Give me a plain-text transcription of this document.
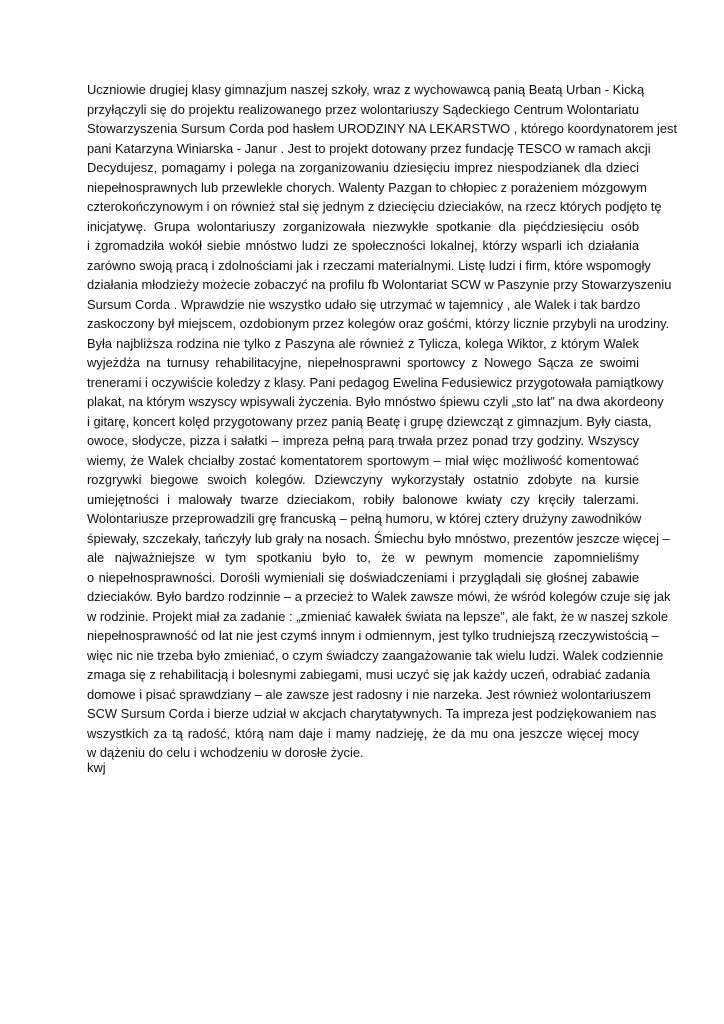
Uczniowie drugiej klasy gimnazjum naszej szkoły, wraz z wychowawcą panią Beatą Urban - Kicką
przyłączyli się do projektu realizowanego przez wolontariuszy Sądeckiego Centrum Wolontariatu
Stowarzyszenia Sursum Corda pod hasłem URODZINY NA LEKARSTWO , którego koordynatorem jest
pani Katarzyna Winiarska - Janur . Jest to projekt dotowany przez fundację TESCO w ramach akcji
Decydujesz, pomagamy i polega na zorganizowaniu dziesięciu imprez niespodzianek dla dzieci
niepełnosprawnych lub przewlekle chorych. Walenty Pazgan to chłopiec z porażeniem mózgowym
czterokończynowym i on również stał się jednym z dziecięciu dzieciaków, na rzecz których podjęto tę
inicjatywę. Grupa wolontariuszy zorganizowała niezwykłe spotkanie dla pięćdziesięciu osób
i zgromadziła wokół siebie mnóstwo ludzi ze społeczności lokalnej, którzy wsparli ich działania
zarówno swoją pracą i zdolnościami jak i rzeczami materialnymi. Listę ludzi i firm, które wspomogły
działania młodzieży możecie zobaczyć na profilu fb Wolontariat SCW w Paszynie przy Stowarzyszeniu
Sursum Corda . Wprawdzie nie wszystko udało się utrzymać w tajemnicy , ale Walek i tak bardzo
zaskoczony był miejscem, ozdobionym przez kolegów oraz gośćmi, którzy licznie przybyli na urodziny.
Była najbliższa rodzina nie tylko z Paszyna ale również z Tylicza, kolega Wiktor, z którym Walek
wyjeżdża na turnusy rehabilitacyjne, niepełnosprawni sportowcy z Nowego Sącza ze swoimi
trenerami i oczywiście koledzy z klasy. Pani pedagog Ewelina Fedusiewicz przygotowała pamiątkowy
plakat, na którym wszyscy wpisywali życzenia. Było mnóstwo śpiewu czyli „sto lat” na dwa akordeony
i gitarę, koncert kolęd przygotowany przez panią Beatę i grupę dziewcząt z gimnazjum. Były ciasta,
owoce, słodycze, pizza i sałatki – impreza pełną parą trwała przez ponad trzy godziny. Wszyscy
wiemy, że Walek chciałby zostać komentatorem sportowym – miał więc możliwość komentować
rozgrywki biegowe swoich kolegów. Dziewczyny wykorzystały ostatnio zdobyte na kursie
umiejętności i malowały twarze dzieciakom, robiły balonowe kwiaty czy kręciły talerzami.
Wolontariusze przeprowadzili grę francuską – pełną humoru, w której cztery drużyny zawodników
śpiewały, szczekały, tańczyły lub grały na nosach. Śmiechu było mnóstwo, prezentów jeszcze więcej –
ale najważniejsze w tym spotkaniu było to, że w pewnym momencie zapomnieliśmy
o niepełnosprawności. Dorośli wymieniali się doświadczeniami i przyglądali się głośnej zabawie
dzieciaków. Było bardzo rodzinnie – a przecież to Walek zawsze mówi, że wśród kolegów czuje się jak
w rodzinie. Projekt miał za zadanie : „zmieniać kawałek świata na lepsze”, ale fakt, że w naszej szkole
niepełnosprawność od lat nie jest czymś innym i odmiennym, jest tylko trudniejszą rzeczywistością –
więc nic nie trzeba było zmieniać, o czym świadczy zaangażowanie tak wielu ludzi. Walek codziennie
zmaga się z rehabilitacją i bolesnymi zabiegami, musi uczyć się jak każdy uczeń, odrabiać zadania
domowe i pisać sprawdziany – ale zawsze jest radosny i nie narzeka. Jest również wolontariuszem
SCW Sursum Corda i bierze udział w akcjach charytatywnych. Ta impreza jest podziękowaniem nas
wszystkich za tą radość, którą nam daje i mamy nadzieję, że da mu ona jeszcze więcej mocy
w dążeniu do celu i wchodzeniu w dorosłe życie.
kwj
